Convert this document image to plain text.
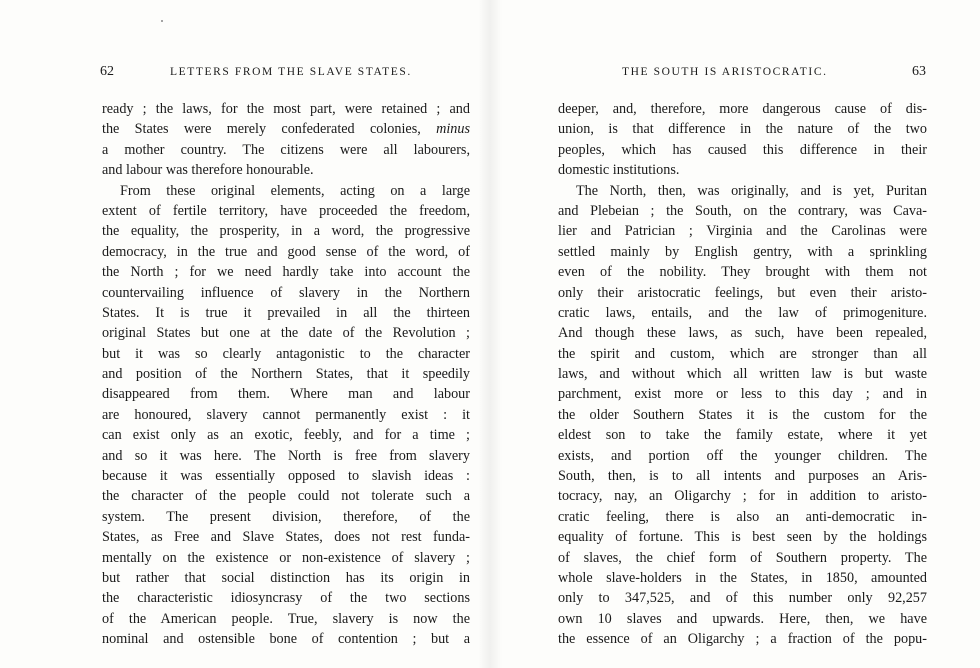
62	LETTERS FROM THE SLAVE STATES.
ready ; the laws, for the most part, were retained ; and
the States were merely confederated colonies, minus
a mother country. The citizens were all labourers,
and labour was therefore honourable.
From these original elements, acting on a large
extent of fertile territory, have proceeded the freedom,
the equality, the prosperity, in a word, the progressive
democracy, in the true and good sense of the word, of
the North ; for we need hardly take into account the
countervailing influence of slavery in the Northern
States. It is true it prevailed in all the thirteen
original States but one at the date of the Revolution ;
but it was so clearly antagonistic to the character
and position of the Northern States, that it speedily
disappeared from them. Where man and labour
are honoured, slavery cannot permanently exist : it
can exist only as an exotic, feebly, and for a time ;
and so it was here. The North is free from slavery
because it was essentially opposed to slavish ideas :
the character of the people could not tolerate such a
system. The present division, therefore, of the
States, as Free and Slave States, does not rest funda-
mentally on the existence or non-existence of slavery ;
but rather that social distinction has its origin in
the characteristic idiosyncrasy of the two sections
of the American people. True, slavery is now the
nominal and ostensible bone of contention ; but a
THE SOUTH IS ARISTOCRATIC.	63
deeper, and, therefore, more dangerous cause of dis-
union, is that difference in the nature of the two
peoples, which has caused this difference in their
domestic institutions.
The North, then, was originally, and is yet, Puritan
and Plebeian ; the South, on the contrary, was Cava-
lier and Patrician ; Virginia and the Carolinas were
settled mainly by English gentry, with a sprinkling
even of the nobility. They brought with them not
only their aristocratic feelings, but even their aristo-
cratic laws, entails, and the law of primogeniture.
And though these laws, as such, have been repealed,
the spirit and custom, which are stronger than all
laws, and without which all written law is but waste
parchment, exist more or less to this day ; and in
the older Southern States it is the custom for the
eldest son to take the family estate, where it yet
exists, and portion off the younger children. The
South, then, is to all intents and purposes an Aris-
tocracy, nay, an Oligarchy ; for in addition to aristo-
cratic feeling, there is also an anti-democratic in-
equality of fortune. This is best seen by the holdings
of slaves, the chief form of Southern property. The
whole slave-holders in the States, in 1850, amounted
only to 347,525, and of this number only 92,257
own 10 slaves and upwards. Here, then, we have
the essence of an Oligarchy ; a fraction of the popu-
